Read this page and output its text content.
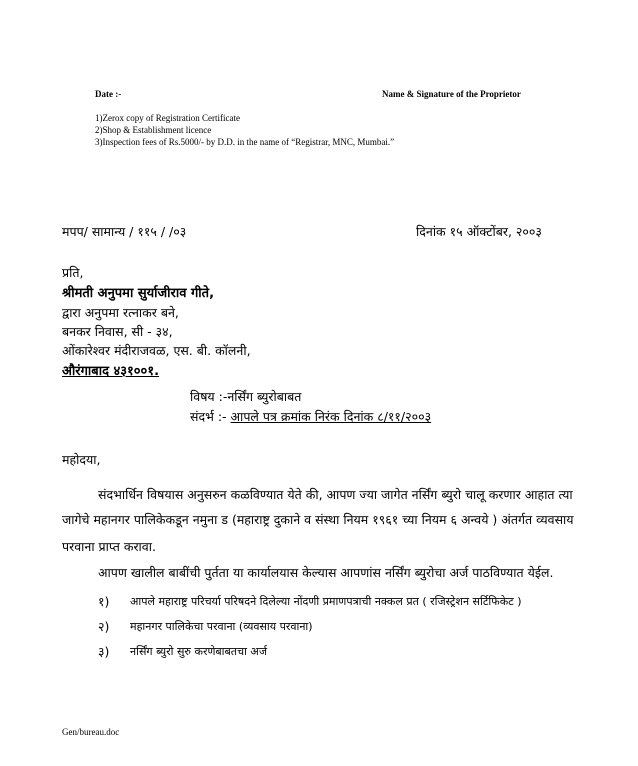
Date :-	Name & Signature of the Proprietor
1)Zerox copy of Registration Certificate
2)Shop & Establishment licence
3)Inspection fees of Rs.5000/- by D.D. in the name of “Registrar, MNC, Mumbai.”
मपप/ सामान्य / ११५ / /०३	दिनांक १५ ऑक्टोंबर, २००३
प्रति,
श्रीमती अनुपमा सुर्याजीराव गीते,
द्वारा अनुपमा रत्नाकर बने,
बनकर निवास, सी - ३४,
ओंकारेश्वर मंदीराजवळ, एस. बी. कॉलनी,
औरंगाबाद ४३१००१.
विषय :-नर्सिंग ब्युरोबाबत
संदर्भ :- आपले पत्र क्रमांक निरंक दिनांक ८/११/२००३
महोदया,
संदभार्धिन विषयास अनुसरुन कळविण्यात येते की, आपण ज्या जागेत नर्सिंग ब्युरो चालू करणार आहात त्या
जागेचे महानगर पालिकेकडून नमुना ड (महाराष्ट्र दुकाने व संस्था नियम १९६१ च्या नियम ६ अन्वये ) अंतर्गत व्यवसाय
परवाना प्राप्त करावा.
आपण खालील बाबींची पुर्तता या कार्यालयास केल्यास आपणांस नर्सिंग ब्युरोचा अर्ज पाठविण्यात येईल.
१) आपले महाराष्ट्र परिचर्या परिषदने दिलेल्या नोंदणी प्रमाणपत्राची नक्कल प्रत ( रजिस्ट्रेशन सर्टिफिकेट )
२) महानगर पालिकेचा परवाना (व्यवसाय परवाना)
३) नर्सिंग ब्युरो सुरु करणेबाबतचा अर्ज
Gen/bureau.doc
